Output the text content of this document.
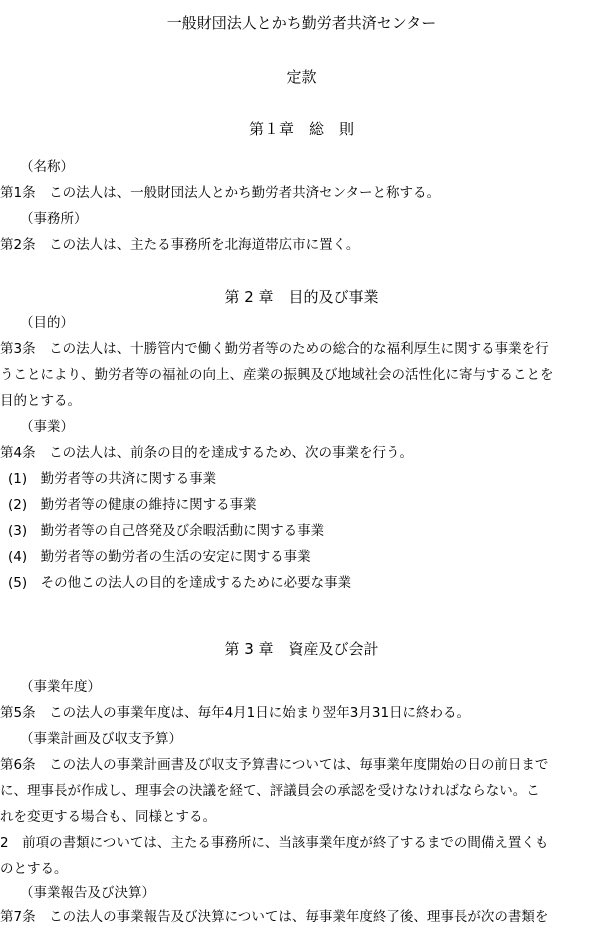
一般財団法人とかち勤労者共済センター
定款
第１章　総　則
（名称）
第1条　この法人は、一般財団法人とかち勤労者共済センターと称する。
（事務所）
第2条　この法人は、主たる事務所を北海道帯広市に置く。
第 2 章　目的及び事業
（目的）
第3条　この法人は、十勝管内で働く勤労者等のための総合的な福利厚生に関する事業を行
うことにより、勤労者等の福祉の向上、産業の振興及び地域社会の活性化に寄与することを
目的とする。
（事業）
第4条　この法人は、前条の目的を達成するため、次の事業を行う。
(1)　勤労者等の共済に関する事業
(2)　勤労者等の健康の維持に関する事業
(3)　勤労者等の自己啓発及び余暇活動に関する事業
(4)　勤労者等の勤労者の生活の安定に関する事業
(5)　その他この法人の目的を達成するために必要な事業
第 3 章　資産及び会計
（事業年度）
第5条　この法人の事業年度は、毎年4月1日に始まり翌年3月31日に終わる。
（事業計画及び収支予算）
第6条　この法人の事業計画書及び収支予算書については、毎事業年度開始の日の前日まで
に、理事長が作成し、理事会の決議を経て、評議員会の承認を受けなければならない。こ
れを変更する場合も、同様とする。
2　前項の書類については、主たる事務所に、当該事業年度が終了するまでの間備え置くも
のとする。
（事業報告及び決算）
第7条　この法人の事業報告及び決算については、毎事業年度終了後、理事長が次の書類を
